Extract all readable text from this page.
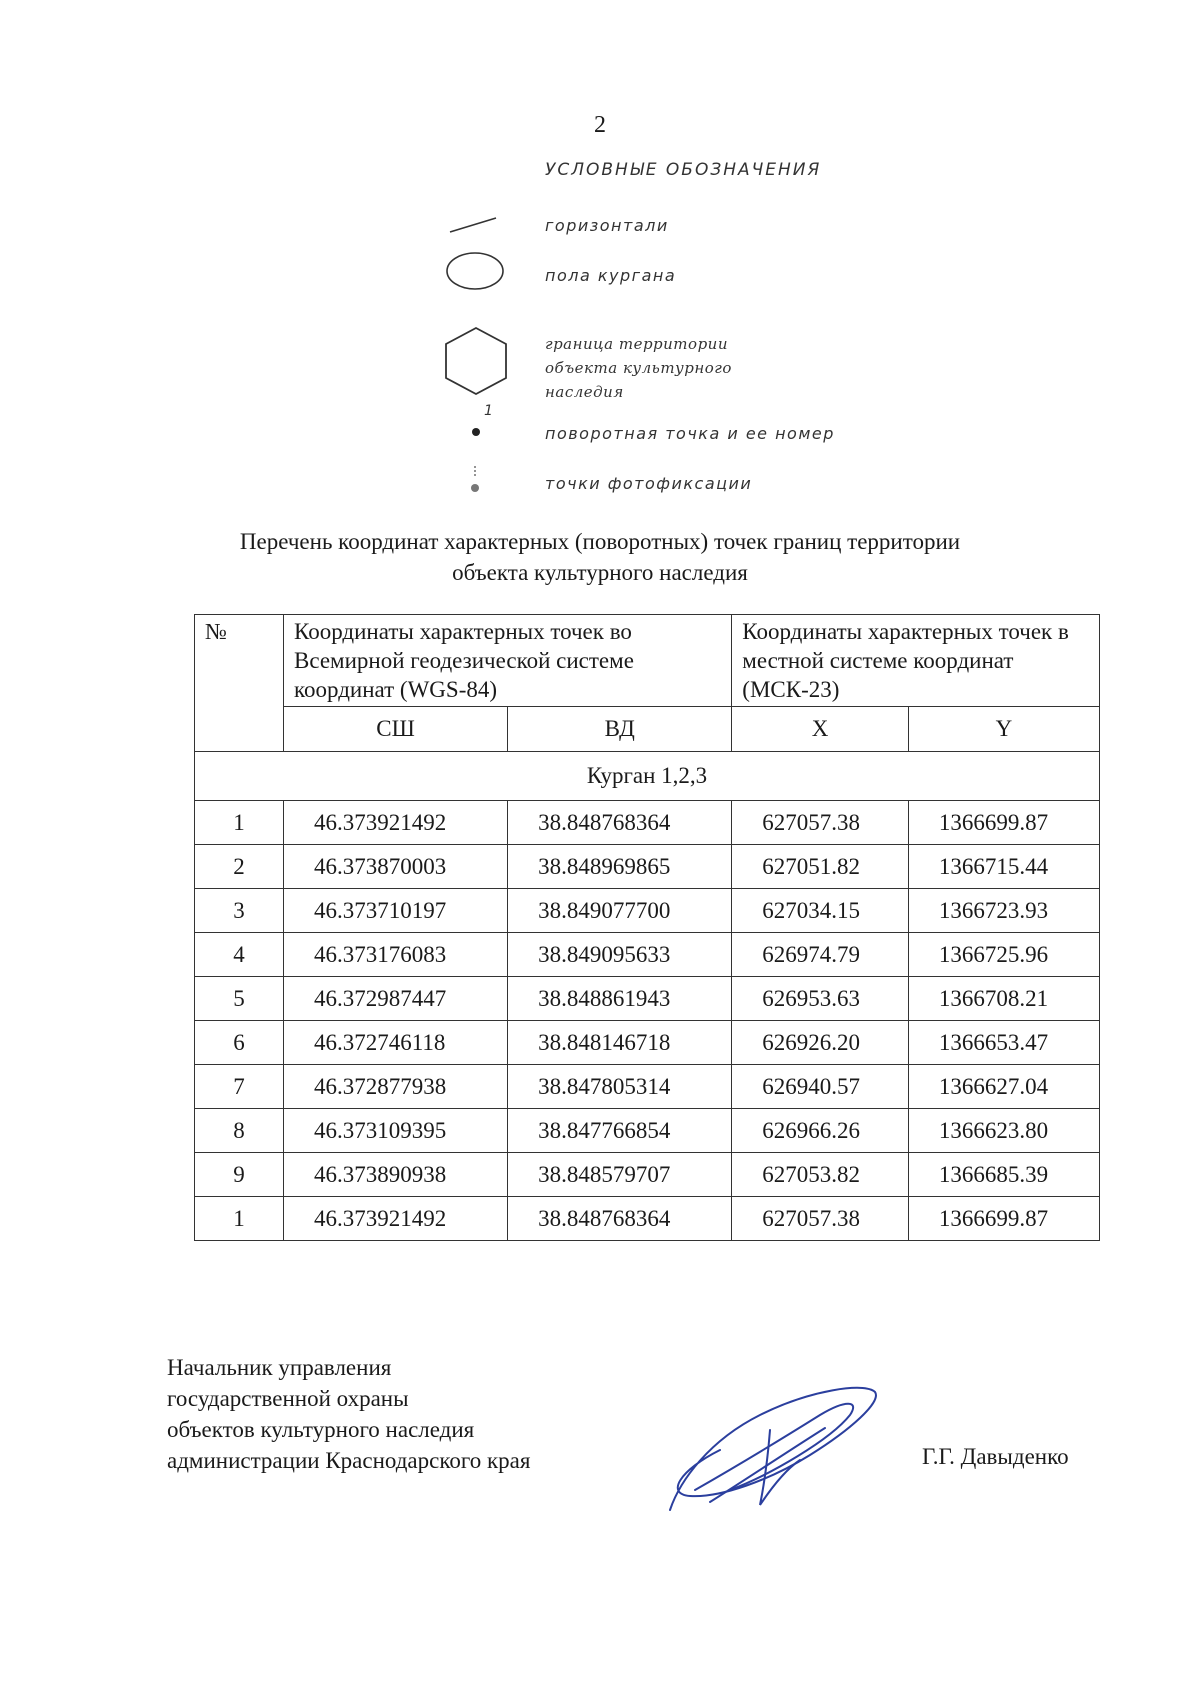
2
УСЛОВНЫЕ ОБОЗНАЧЕНИЯ
горизонтали
пола кургана
граница территории объекта культурного наследия
1
поворотная точка и ее номер
точки фотофиксации
Перечень координат характерных (поворотных) точек границ территории
объекта культурного наследия
№	Координаты характерных точек во Всемирной геодезической системе координат (WGS-84)		Координаты характерных точек в местной системе координат (МСК-23)	
	СШ	ВД	X	Y
Курган 1,2,3				
1	46.373921492	38.848768364	627057.38	1366699.87
2	46.373870003	38.848969865	627051.82	1366715.44
3	46.373710197	38.849077700	627034.15	1366723.93
4	46.373176083	38.849095633	626974.79	1366725.96
5	46.372987447	38.848861943	626953.63	1366708.21
6	46.372746118	38.848146718	626926.20	1366653.47
7	46.372877938	38.847805314	626940.57	1366627.04
8	46.373109395	38.847766854	626966.26	1366623.80
9	46.373890938	38.848579707	627053.82	1366685.39
1	46.373921492	38.848768364	627057.38	1366699.87
Начальник управления
государственной охраны
объектов культурного наследия
администрации Краснодарского края	Г.Г. Давыденко
